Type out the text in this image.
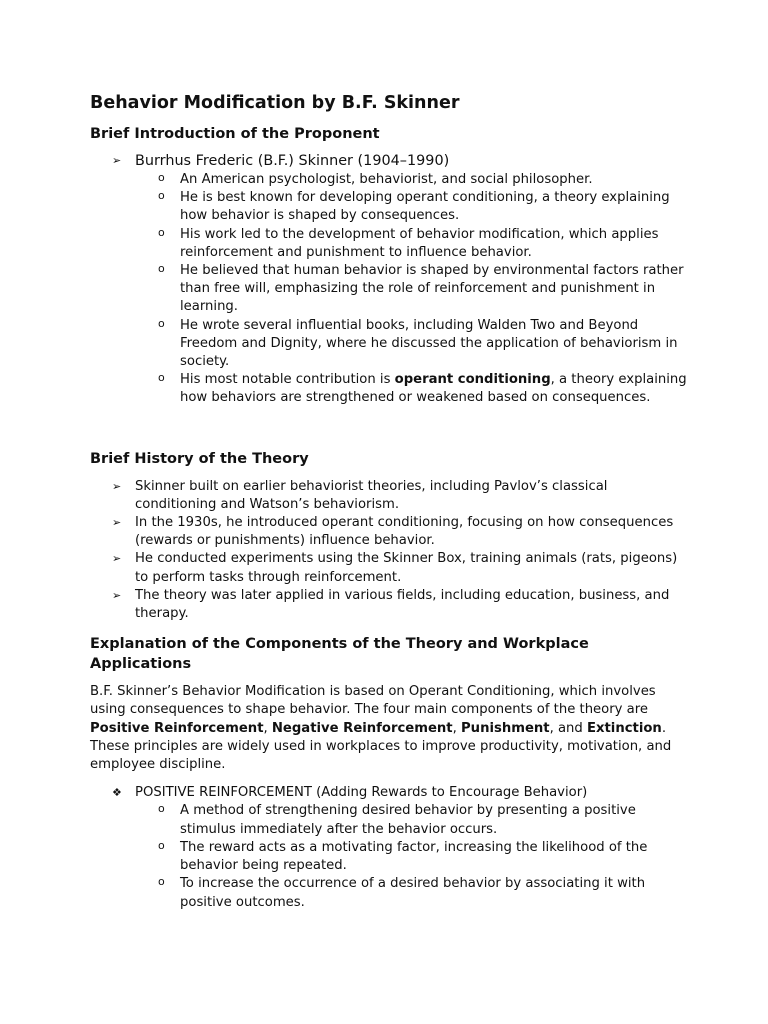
Behavior Modification by B.F. Skinner
Brief Introduction of the Proponent
➢ Burrhus Frederic (B.F.) Skinner (1904–1990)
o An American psychologist, behaviorist, and social philosopher.
o He is best known for developing operant conditioning, a theory explaining how behavior is shaped by consequences.
o His work led to the development of behavior modification, which applies reinforcement and punishment to influence behavior.
o He believed that human behavior is shaped by environmental factors rather than free will, emphasizing the role of reinforcement and punishment in learning.
o He wrote several influential books, including Walden Two and Beyond Freedom and Dignity, where he discussed the application of behaviorism in society.
o His most notable contribution is operant conditioning, a theory explaining how behaviors are strengthened or weakened based on consequences.
Brief History of the Theory
➢ Skinner built on earlier behaviorist theories, including Pavlov’s classical conditioning and Watson’s behaviorism.
➢ In the 1930s, he introduced operant conditioning, focusing on how consequences (rewards or punishments) influence behavior.
➢ He conducted experiments using the Skinner Box, training animals (rats, pigeons) to perform tasks through reinforcement.
➢ The theory was later applied in various fields, including education, business, and therapy.
Explanation of the Components of the Theory and Workplace Applications

B.F. Skinner’s Behavior Modification is based on Operant Conditioning, which involves using consequences to shape behavior. The four main components of the theory are Positive Reinforcement, Negative Reinforcement, Punishment, and Extinction. These principles are widely used in workplaces to improve productivity, motivation, and employee discipline.

❖ POSITIVE REINFORCEMENT (Adding Rewards to Encourage Behavior)
o A method of strengthening desired behavior by presenting a positive stimulus immediately after the behavior occurs.
o The reward acts as a motivating factor, increasing the likelihood of the behavior being repeated.
o To increase the occurrence of a desired behavior by associating it with positive outcomes.
